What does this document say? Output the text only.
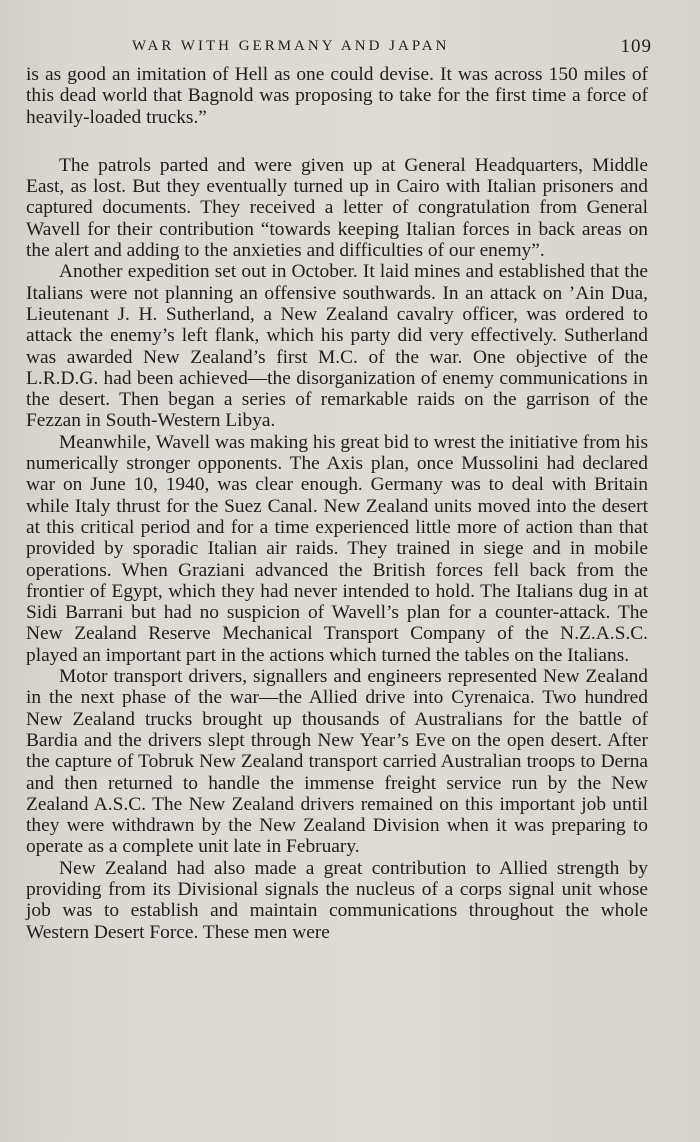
WAR WITH GERMANY AND JAPAN	109

is as good an imitation of Hell as one could devise. It was across 150 miles of this dead world that Bagnold was proposing to take for the first time a force of heavily-loaded trucks.”

The patrols parted and were given up at General Headquarters, Middle East, as lost. But they eventually turned up in Cairo with Italian prisoners and captured documents. They received a letter of congratulation from General Wavell for their contribution “towards keeping Italian forces in back areas on the alert and adding to the anxieties and difficulties of our enemy”.

Another expedition set out in October. It laid mines and established that the Italians were not planning an offensive southwards. In an attack on ’Ain Dua, Lieutenant J. H. Sutherland, a New Zealand cavalry officer, was ordered to attack the enemy’s left flank, which his party did very effectively. Sutherland was awarded New Zealand’s first M.C. of the war. One objective of the L.R.D.G. had been achieved—the disorganization of enemy communications in the desert. Then began a series of remarkable raids on the garrison of the Fezzan in South-Western Libya.

Meanwhile, Wavell was making his great bid to wrest the initiative from his numerically stronger opponents. The Axis plan, once Mussolini had declared war on June 10, 1940, was clear enough. Germany was to deal with Britain while Italy thrust for the Suez Canal. New Zealand units moved into the desert at this critical period and for a time experienced little more of action than that provided by sporadic Italian air raids. They trained in siege and in mobile operations. When Graziani advanced the British forces fell back from the frontier of Egypt, which they had never intended to hold. The Italians dug in at Sidi Barrani but had no suspicion of Wavell’s plan for a counter-attack. The New Zealand Reserve Mechanical Transport Company of the N.Z.A.S.C. played an important part in the actions which turned the tables on the Italians.

Motor transport drivers, signallers and engineers represented New Zealand in the next phase of the war—the Allied drive into Cyrenaica. Two hundred New Zealand trucks brought up thousands of Australians for the battle of Bardia and the drivers slept through New Year’s Eve on the open desert. After the capture of Tobruk New Zealand transport carried Australian troops to Derna and then returned to handle the immense freight service run by the New Zealand A.S.C. The New Zealand drivers remained on this important job until they were withdrawn by the New Zealand Division when it was preparing to operate as a complete unit late in February.

New Zealand had also made a great contribution to Allied strength by providing from its Divisional signals the nucleus of a corps signal unit whose job was to establish and maintain communications throughout the whole Western Desert Force. These men were
